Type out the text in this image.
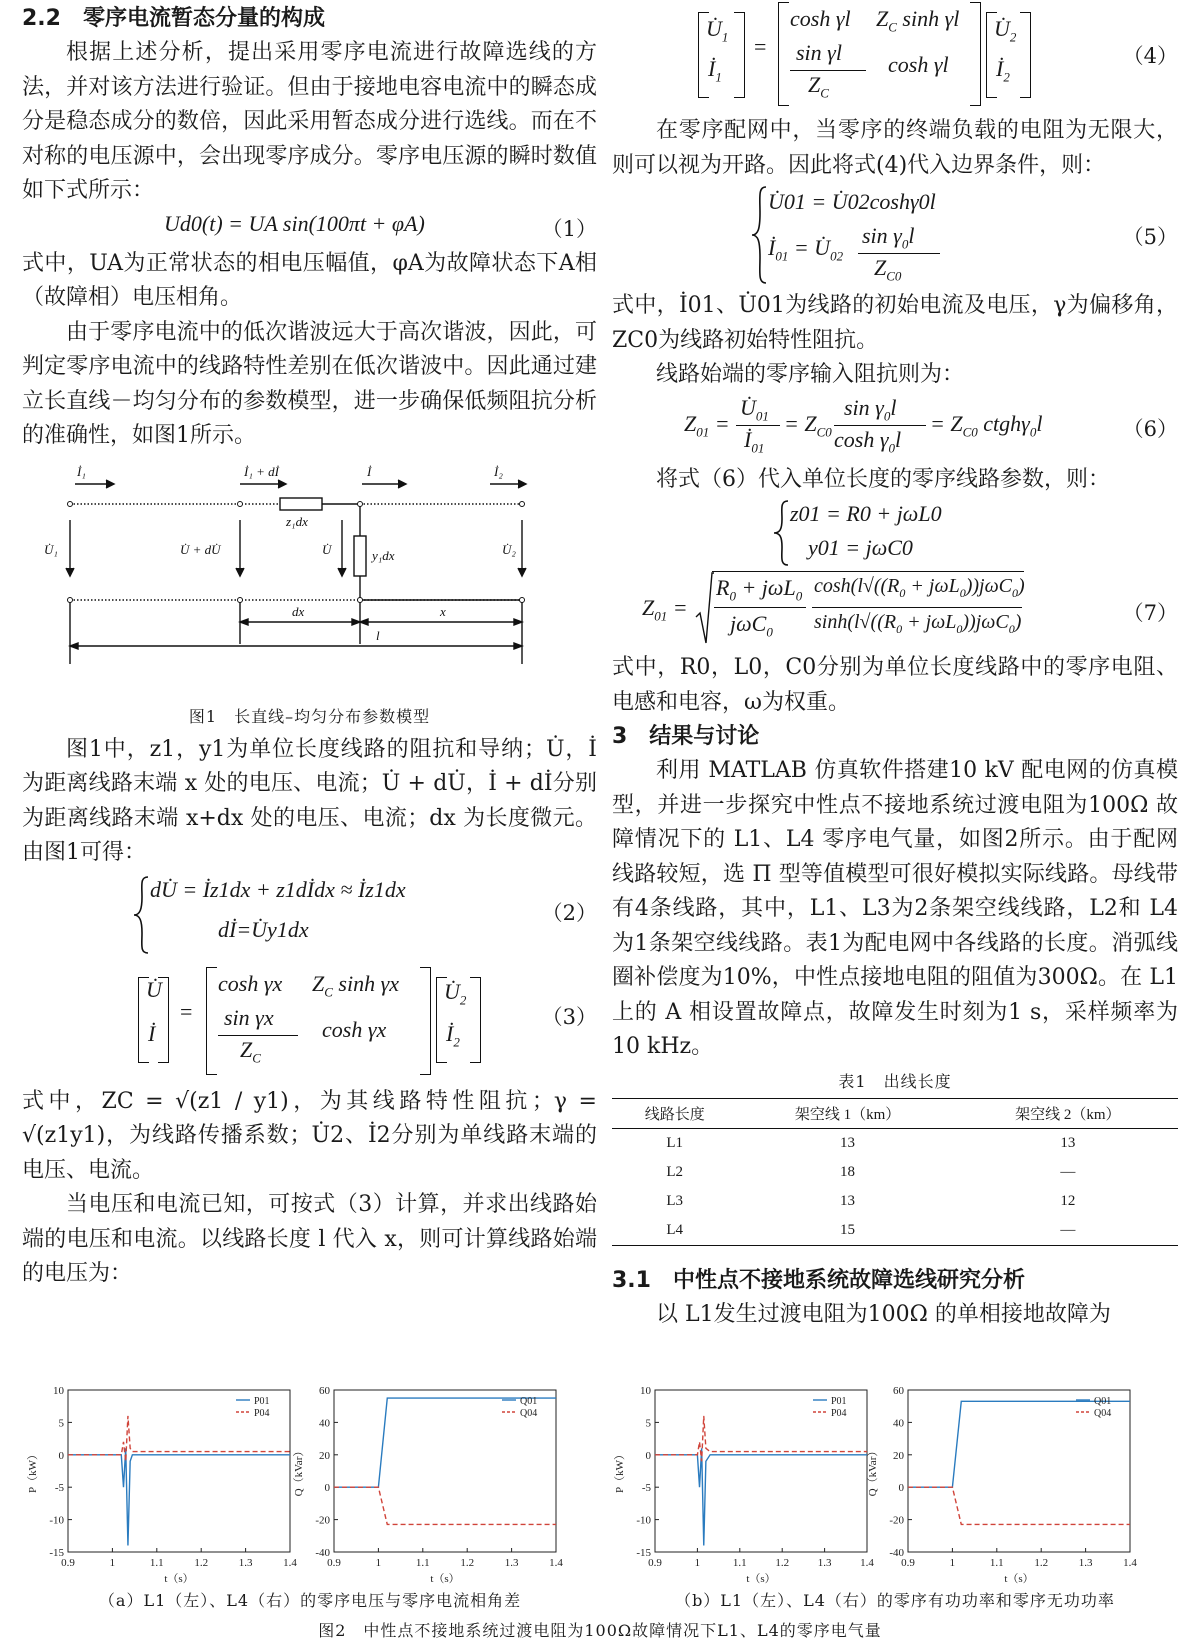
2.2　零序电流暂态分量的构成

根据上述分析，提出采用零序电流进行故障选线的方法，并对该方法进行验证。但由于接地电容电流中的瞬态成分是稳态成分的数倍，因此采用暂态成分进行选线。而在不对称的电压源中，会出现零序成分。零序电压源的瞬时数值如下式所示：

Ud0(t) = UA sin(100πt + φA)	（1）

式中，UA为正常状态的相电压幅值，φA为故障状态下A相（故障相）电压相角。

由于零序电流中的低次谐波远大于高次谐波，因此，可判定零序电流中的线路特性差别在低次谐波中。因此通过建立长直线－均匀分布的参数模型，进一步确保低频阻抗分析的准确性，如图1所示。

İ₁	İ₁ + dİ	İ	İ₂
z₁dx
y₁dx
U̇₁	U̇ + dU̇	U̇	U̇₂
dx	x
l
图1　长直线–均匀分布参数模型

图1中，z1，y1为单位长度线路的阻抗和导纳；U̇，İ为距离线路末端 x 处的电压、电流；U̇ + dU̇，İ + dİ分别为距离线路末端 x+dx 处的电压、电流；dx 为长度微元。由图1可得：

dU̇ = İz1dx + z1dİdx ≈ İz1dx
dİ=U̇y1dx
（2）
U̇
İ
=
cosh γx $Z_C$ sinh γx
sin γx
$Z_C$
cosh γx
$U̇_2$
$İ_2$
（3）

式中，ZC = √(z1 / y1)，为其线路特性阻抗；γ = √(z1y1)，为线路传播系数；U̇2、İ2分别为单线路末端的电压、电流。

当电压和电流已知，可按式（3）计算，并求出线路始端的电压和电流。以线路长度 l 代入 x，则可计算线路始端的电压为：

$U̇_1$
$İ_1$
=
cosh γl $Z_C$ sinh γl
sin γl
$Z_C$
cosh γl
$U̇_2$
$İ_2$
（4）

在零序配网中，当零序的终端负载的电阻为无限大，则可以视为开路。因此将式(4)代入边界条件，则：

U̇01 = U̇02coshγ0l
$İ_{01}$ = $U̇_{02}$
$\sin \gamma_0l$
$Z_{C0}$
（5）

式中，İ01、U̇01为线路的初始电流及电压，γ为偏移角，ZC0为线路初始特性阻抗。

线路始端的零序输入阻抗则为：

$Z_{01}$ =
$U̇_{01}$
$İ_{01}$
= $Z_{C0}$
$\sin \gamma_0l$
$\cosh \gamma_0l$
= $Z_{C0}$ ctghγ$_0$l	（6）

将式（6）代入单位长度的零序线路参数，则：

z01 = R0 + jωL0
y01 = jωC0
$Z_{01}$ =
$R_0 + j\omega L_0$
jωC$_0$
$\cosh(l√((R_0 + j\omega L_0))j\omega C_0)$
$\sinh(l√((R_0 + j\omega L_0))j\omega C_0)$	（7）

式中，R0，L0，C0分别为单位长度线路中的零序电阻、电感和电容，ω为权重。

3　结果与讨论

利用 MATLAB 仿真软件搭建10 kV 配电网的仿真模型，并进一步探究中性点不接地系统过渡电阻为100Ω 故障情况下的 L1、L4 零序电气量，如图2所示。由于配网线路较短，选 Π 型等值模型可很好模拟实际线路。母线带有4条线路，其中，L1、L3为2条架空线线路，L2和 L4为1条架空线线路。表1为配电网中各线路的长度。消弧线圈补偿度为10%，中性点接地电阻的阻值为300Ω。在 L1上的 A 相设置故障点，故障发生时刻为1 s，采样频率为10 kHz。

表1　出线长度
线路长度	架空线 1（km）	架空线 2（km）
L1	13	13
L2	18	—
L3	13	12
L4	15	—
3.1　中性点不接地系统故障选线研究分析

以 L1发生过渡电阻为100Ω 的单相接地故障为

0.9	1	1.1	1.2	1.3	1.4
10
5
0
-5
-10
-15
t（s）
P（kW）
P01
P04
0.9	1	1.1	1.2	1.3	1.4
60
40
20
0
-20
-40
t（s）
Q（kVar）
Q01
Q04
0.9	1	1.1	1.2	1.3	1.4
10
5
0
-5
-10
-15
t（s）
P（kW）
P01
P04
0.9	1	1.1	1.2	1.3	1.4
60
40
20
0
-20
-40
t（s）
Q（kVar）
Q01
Q04
（a）L1（左）、L4（右）的零序电压与零序电流相角差	（b）L1（左）、L4（右）的零序有功功率和零序无功功率
图2　中性点不接地系统过渡电阻为100Ω故障情况下L1、L4的零序电气量
